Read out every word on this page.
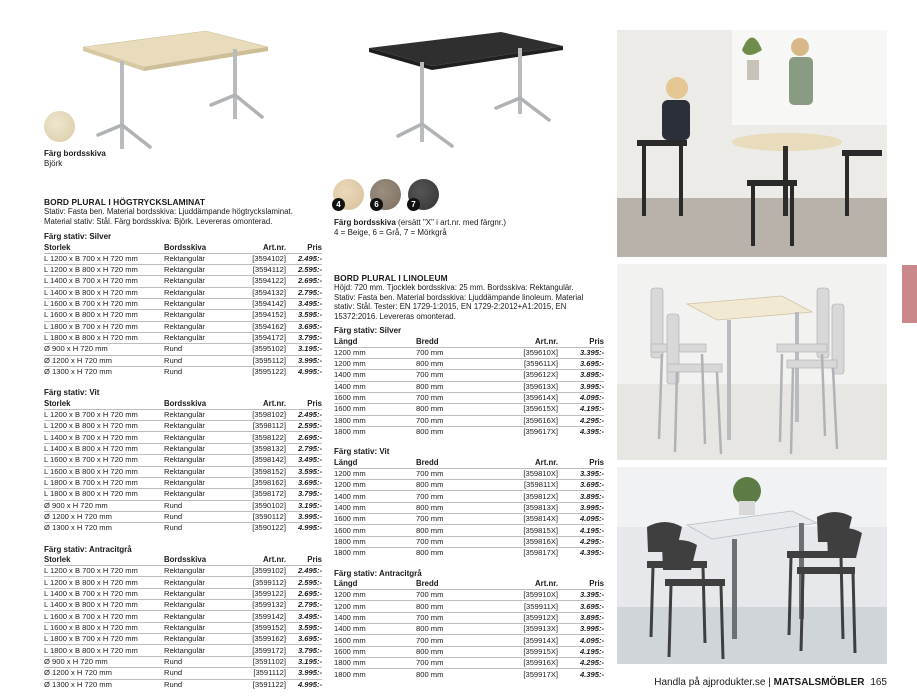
Färg bordsskiva
Björk
BORD PLURAL I HÖGTRYCKSLAMINAT
Stativ: Fasta ben. Material bordsskiva: Ljuddämpande högtryckslaminat.
Material stativ: Stål. Färg bordsskiva: Björk. Levereras omonterad.
Färg stativ: Silver
Storlek	Bordsskiva	Art.nr.	Pris
L 1200 x B 700 x H 720 mm	Rektangulär	[3594102]	2.495:-
L 1200 x B 800 x H 720 mm	Rektangulär	[3594112]	2.595:-
L 1400 x B 700 x H 720 mm	Rektangulär	[3594122]	2.695:-
L 1400 x B 800 x H 720 mm	Rektangulär	[3594132]	2.795:-
L 1600 x B 700 x H 720 mm	Rektangulär	[3594142]	3.495:-
L 1600 x B 800 x H 720 mm	Rektangulär	[3594152]	3.595:-
L 1800 x B 700 x H 720 mm	Rektangulär	[3594162]	3.695:-
L 1800 x B 800 x H 720 mm	Rektangulär	[3594172]	3.795:-
Ø 900 x H 720 mm	Rund	[3595102]	3.195:-
Ø 1200 x H 720 mm	Rund	[3595112]	3.995:-
Ø 1300 x H 720 mm	Rund	[3595122]	4.995:-
Färg stativ: Vit
Storlek	Bordsskiva	Art.nr.	Pris
L 1200 x B 700 x H 720 mm	Rektangulär	[3598102]	2.495:-
L 1200 x B 800 x H 720 mm	Rektangulär	[3598112]	2.595:-
L 1400 x B 700 x H 720 mm	Rektangulär	[3598122]	2.695:-
L 1400 x B 800 x H 720 mm	Rektangulär	[3598132]	2.795:-
L 1600 x B 700 x H 720 mm	Rektangulär	[3598142]	3.495:-
L 1600 x B 800 x H 720 mm	Rektangulär	[3598152]	3.595:-
L 1800 x B 700 x H 720 mm	Rektangulär	[3598162]	3.695:-
L 1800 x B 800 x H 720 mm	Rektangulär	[3598172]	3.795:-
Ø 900 x H 720 mm	Rund	[3590102]	3.195:-
Ø 1200 x H 720 mm	Rund	[3590112]	3.995:-
Ø 1300 x H 720 mm	Rund	[3590122]	4.995:-
Färg stativ: Antracitgrå
Storlek	Bordsskiva	Art.nr.	Pris
L 1200 x B 700 x H 720 mm	Rektangulär	[3599102]	2.495:-
L 1200 x B 800 x H 720 mm	Rektangulär	[3599112]	2.595:-
L 1400 x B 700 x H 720 mm	Rektangulär	[3599122]	2.695:-
L 1400 x B 800 x H 720 mm	Rektangulär	[3599132]	2.795:-
L 1600 x B 700 x H 720 mm	Rektangulär	[3599142]	3.495:-
L 1600 x B 800 x H 720 mm	Rektangulär	[3599152]	3.595:-
L 1800 x B 700 x H 720 mm	Rektangulär	[3599162]	3.695:-
L 1800 x B 800 x H 720 mm	Rektangulär	[3599172]	3.795:-
Ø 900 x H 720 mm	Rund	[3591102]	3.195:-
Ø 1200 x H 720 mm	Rund	[3591112]	3.995:-
Ø 1300 x H 720 mm	Rund	[3591122]	4.995:-
4	6	7
Färg bordsskiva (ersätt "X" i art.nr. med färgnr.)
4 = Beige, 6 = Grå, 7 = Mörkgrå
BORD PLURAL I LINOLEUM
Höjd: 720 mm. Tjocklek bordsskiva: 25 mm. Bordsskiva: Rektangulär.
Stativ: Fasta ben. Material bordsskiva: Ljuddämpande linoleum. Material
stativ: Stål. Tester: EN 1729-1:2015, EN 1729-2:2012+A1:2015, EN
15372:2016. Levereras omonterad.
Färg stativ: Silver
Längd	Bredd	Art.nr.	Pris
1200 mm	700 mm	[359610X]	3.395:-
1200 mm	800 mm	[359611X]	3.695:-
1400 mm	700 mm	[359612X]	3.895:-
1400 mm	800 mm	[359613X]	3.995:-
1600 mm	700 mm	[359614X]	4.095:-
1600 mm	800 mm	[359615X]	4.195:-
1800 mm	700 mm	[359616X]	4.295:-
1800 mm	800 mm	[359617X]	4.395:-
Färg stativ: Vit
Längd	Bredd	Art.nr.	Pris
1200 mm	700 mm	[359810X]	3.395:-
1200 mm	800 mm	[359811X]	3.695:-
1400 mm	700 mm	[359812X]	3.895:-
1400 mm	800 mm	[359813X]	3.995:-
1600 mm	700 mm	[359814X]	4.095:-
1600 mm	800 mm	[359815X]	4.195:-
1800 mm	700 mm	[359816X]	4.295:-
1800 mm	800 mm	[359817X]	4.395:-
Färg stativ: Antracitgrå
Längd	Bredd	Art.nr.	Pris
1200 mm	700 mm	[359910X]	3.395:-
1200 mm	800 mm	[359911X]	3.695:-
1400 mm	700 mm	[359912X]	3.895:-
1400 mm	800 mm	[359913X]	3.995:-
1600 mm	700 mm	[359914X]	4.095:-
1600 mm	800 mm	[359915X]	4.195:-
1800 mm	700 mm	[359916X]	4.295:-
1800 mm	800 mm	[359917X]	4.395:-
Handla på ajprodukter.se | MATSALSMÖBLER 165
